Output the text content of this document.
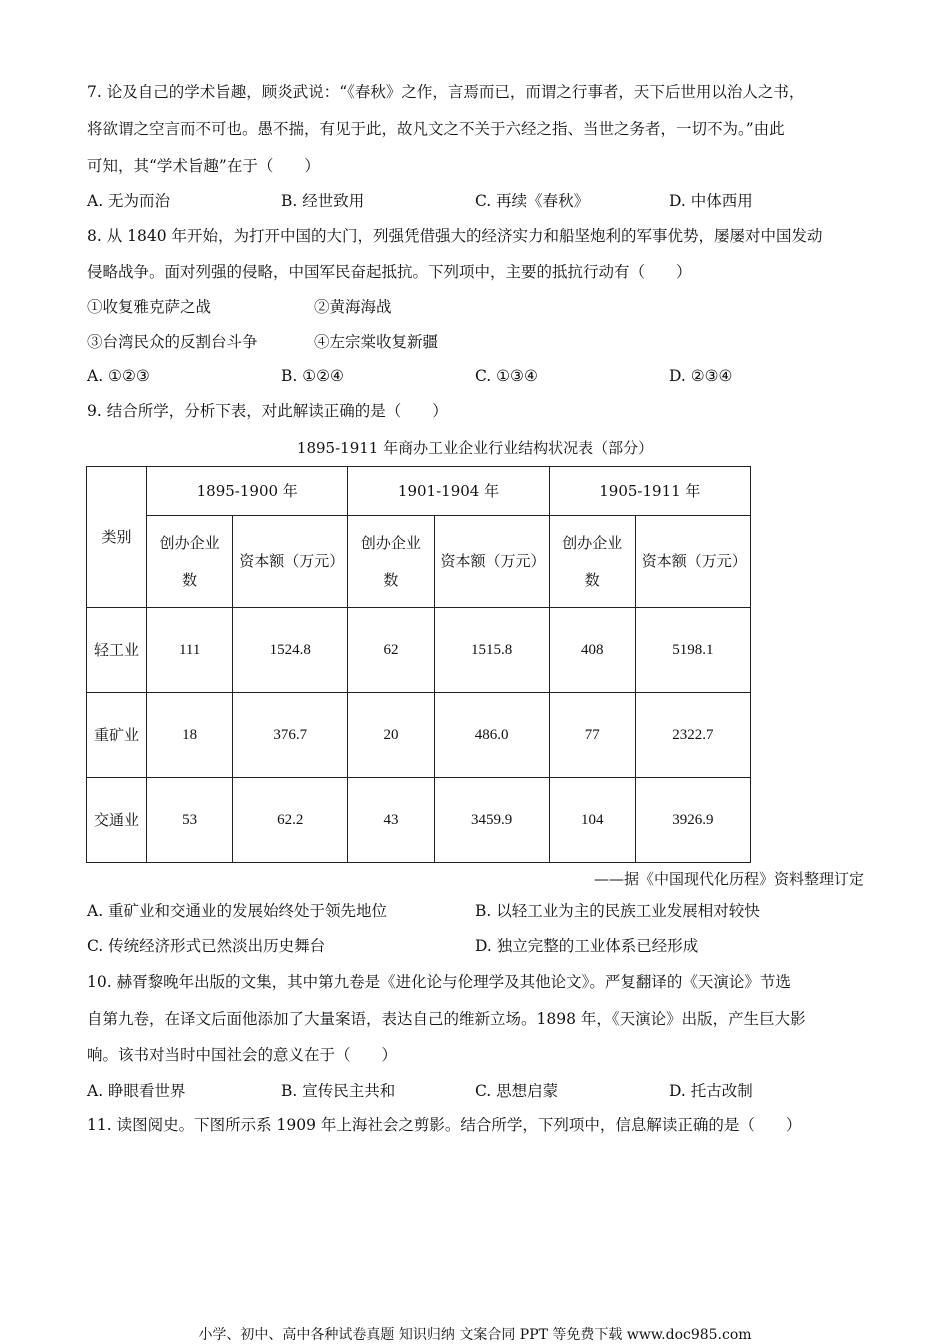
7. 论及自己的学术旨趣，顾炎武说：“《春秋》之作，言焉而已，而谓之行事者，天下后世用以治人之书，
将欲谓之空言而不可也。愚不揣，有见于此，故凡文之不关于六经之指、当世之务者，一切不为。”由此
可知，其“学术旨趣”在于（　　）
A. 无为而治	B. 经世致用	C. 再续《春秋》	D. 中体西用
8. 从 1840 年开始，为打开中国的大门，列强凭借强大的经济实力和船坚炮利的军事优势，屡屡对中国发动
侵略战争。面对列强的侵略，中国军民奋起抵抗。下列项中，主要的抵抗行动有（　　）
①收复雅克萨之战	②黄海海战
③台湾民众的反割台斗争	④左宗棠收复新疆
A. ①②③	B. ①②④	C. ①③④	D. ②③④
9. 结合所学，分析下表，对此解读正确的是（　　）
1895-1911 年商办工业企业行业结构状况表（部分）
类别	1895-1900 年		1901-1904 年		1905-1911 年	
	创办企业数	资本额（万元）	创办企业数	资本额（万元）	创办企业数	资本额（万元）
轻工业	111	1524.8	62	1515.8	408	5198.1
重矿业	18	376.7	20	486.0	77	2322.7
交通业	53	62.2	43	3459.9	104	3926.9
——据《中国现代化历程》资料整理订定
A. 重矿业和交通业的发展始终处于领先地位	B. 以轻工业为主的民族工业发展相对较快
C. 传统经济形式已然淡出历史舞台	D. 独立完整的工业体系已经形成
10. 赫胥黎晚年出版的文集，其中第九卷是《进化论与伦理学及其他论文》。严复翻译的《天演论》节选
自第九卷，在译文后面他添加了大量案语，表达自己的维新立场。1898 年，《天演论》出版，产生巨大影
响。该书对当时中国社会的意义在于（　　）
A. 睁眼看世界	B. 宣传民主共和	C. 思想启蒙	D. 托古改制
11. 读图阅史。下图所示系 1909 年上海社会之剪影。结合所学，下列项中，信息解读正确的是（　　）
小学、初中、高中各种试卷真题 知识归纳 文案合同 PPT 等免费下载 www.doc985.com
